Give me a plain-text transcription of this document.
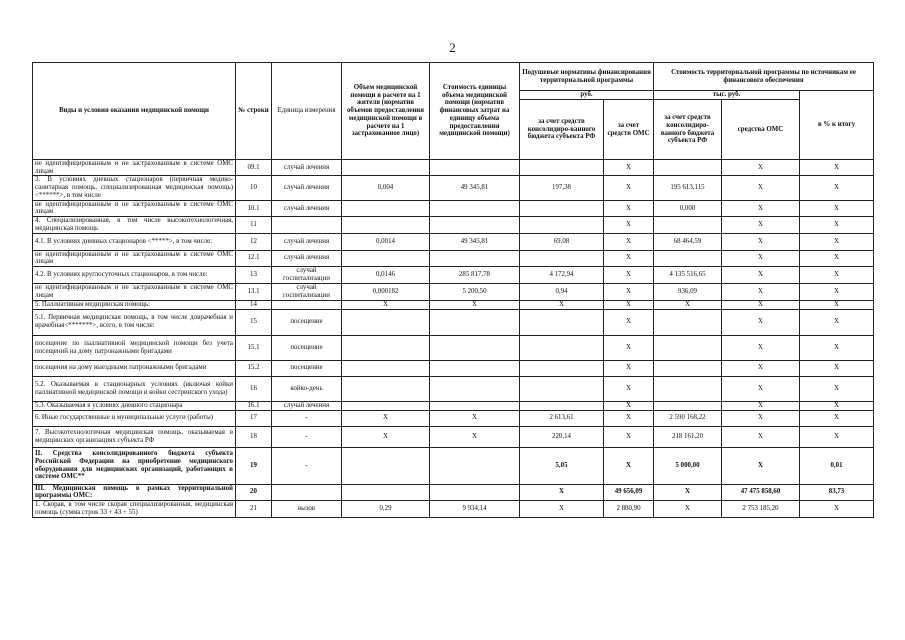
2
Виды и условия оказания медицинской помощи	№ строки	Единица измерения	Объем медицинской помощи в расчете на 1 жителя (норматив объемов предоставления медицинской помощи в расчете на 1 застрахованное лицо)	Стоимость единицы объема медицинской помощи (норматив финансовых затрат на единицу объема предоставления медицинской помощи)	Подушевые нормативы финансирования территориальной программы		Стоимость территориальной программы по источникам ее финансового обеспечения		
					руб.		тыс. руб.		в % к итогу
					за счет средств консолидиро-ванного бюджета субъекта РФ	за счет средств ОМС	за счет средств консолидиро-ванного бюджета субъекта РФ	средства ОМС	
не идентифицированным и не застрахованным в системе ОМС лицам	09.1	случай лечения				X		X	X
3. В условиях дневных стационаров (первичная медико-санитарная помощь, специализированная медицинская помощь)<******>, в том числе	10	случай лечения	0,004	49 345,81	197,38	X	195 613,115	X	X
не идентифицированным и не застрахованным в системе ОМС лицам	10.1	случай лечения				X	0,000	X	X
4. Специализированная, в том числе высокотехнологичная, медицинская помощь	11					X		X	X
4.1. В условиях дневных стационаров <*****>, в том числе:	12	случай лечения	0,0014	49 345,81	69,08	X	68 464,59	X	X
не идентифицированным и не застрахованным в системе ОМС лицам	12.1	случай лечения				X		X	X
4.2. В условиях круглосуточных стационаров, в том числе:	13	случай госпитализации	0,0146	285 817,78	4 172,94	X	4 135 516,65	X	X
не идентифицированным и не застрахованным в системе ОМС лицам	13.1	случай госпитализации	0,000182	5 200,50	0,94	X	936,09	X	X
5. Паллиативная медицинская помощь:	14		X	X	X	X	X	X	X
5.1. Первичная медицинская помощь, в том числе доврачебная и врачебная<*******>, всего, в том числе:	15	посещение				X		X	X
посещение по паллиативной медицинской помощи без учета посещений на дому патронажными бригадами	15.1	посещение				X		X	X
посещения на дому выездными патронажными бригадами	15.2	посещение				X		X	X
5.2. Оказываемая в стационарных условиях (включая койки паллиативной медицинской помощи и койки сестринского ухода)	16	койко-день				X		X	X
5.3. Оказываемая в условиях дневного стационара	16.1	случай лечения				X		X	X
6. Иные государственные и муниципальные услуги (работы)	17	-	X	X	2 613,61	X	2 590 168,22	X	X
7. Высокотехнологичная медицинская помощь, оказываемая в медицинских организациях субъекта РФ	18	-	X	X	220,14	X	218 161,20	X	X
II. Средства консолидированного бюджета субъекта Российской Федерации на приобретение медицинского оборудования для медицинских организаций, работающих в системе ОМС**	19	-			5,05	X	5 000,00	X	0,01
III. Медицинская помощь в рамках территориальной программы ОМС:	20				X	49 656,09	X	47 475 858,60	83,73
1. Скорая, в том числе скорая специализированная, медицинская помощь (сумма строк 33 + 43 + 55)	21	вызов	0,29	9 934,14	X	2 880,90	X	2 753 185,20	X
